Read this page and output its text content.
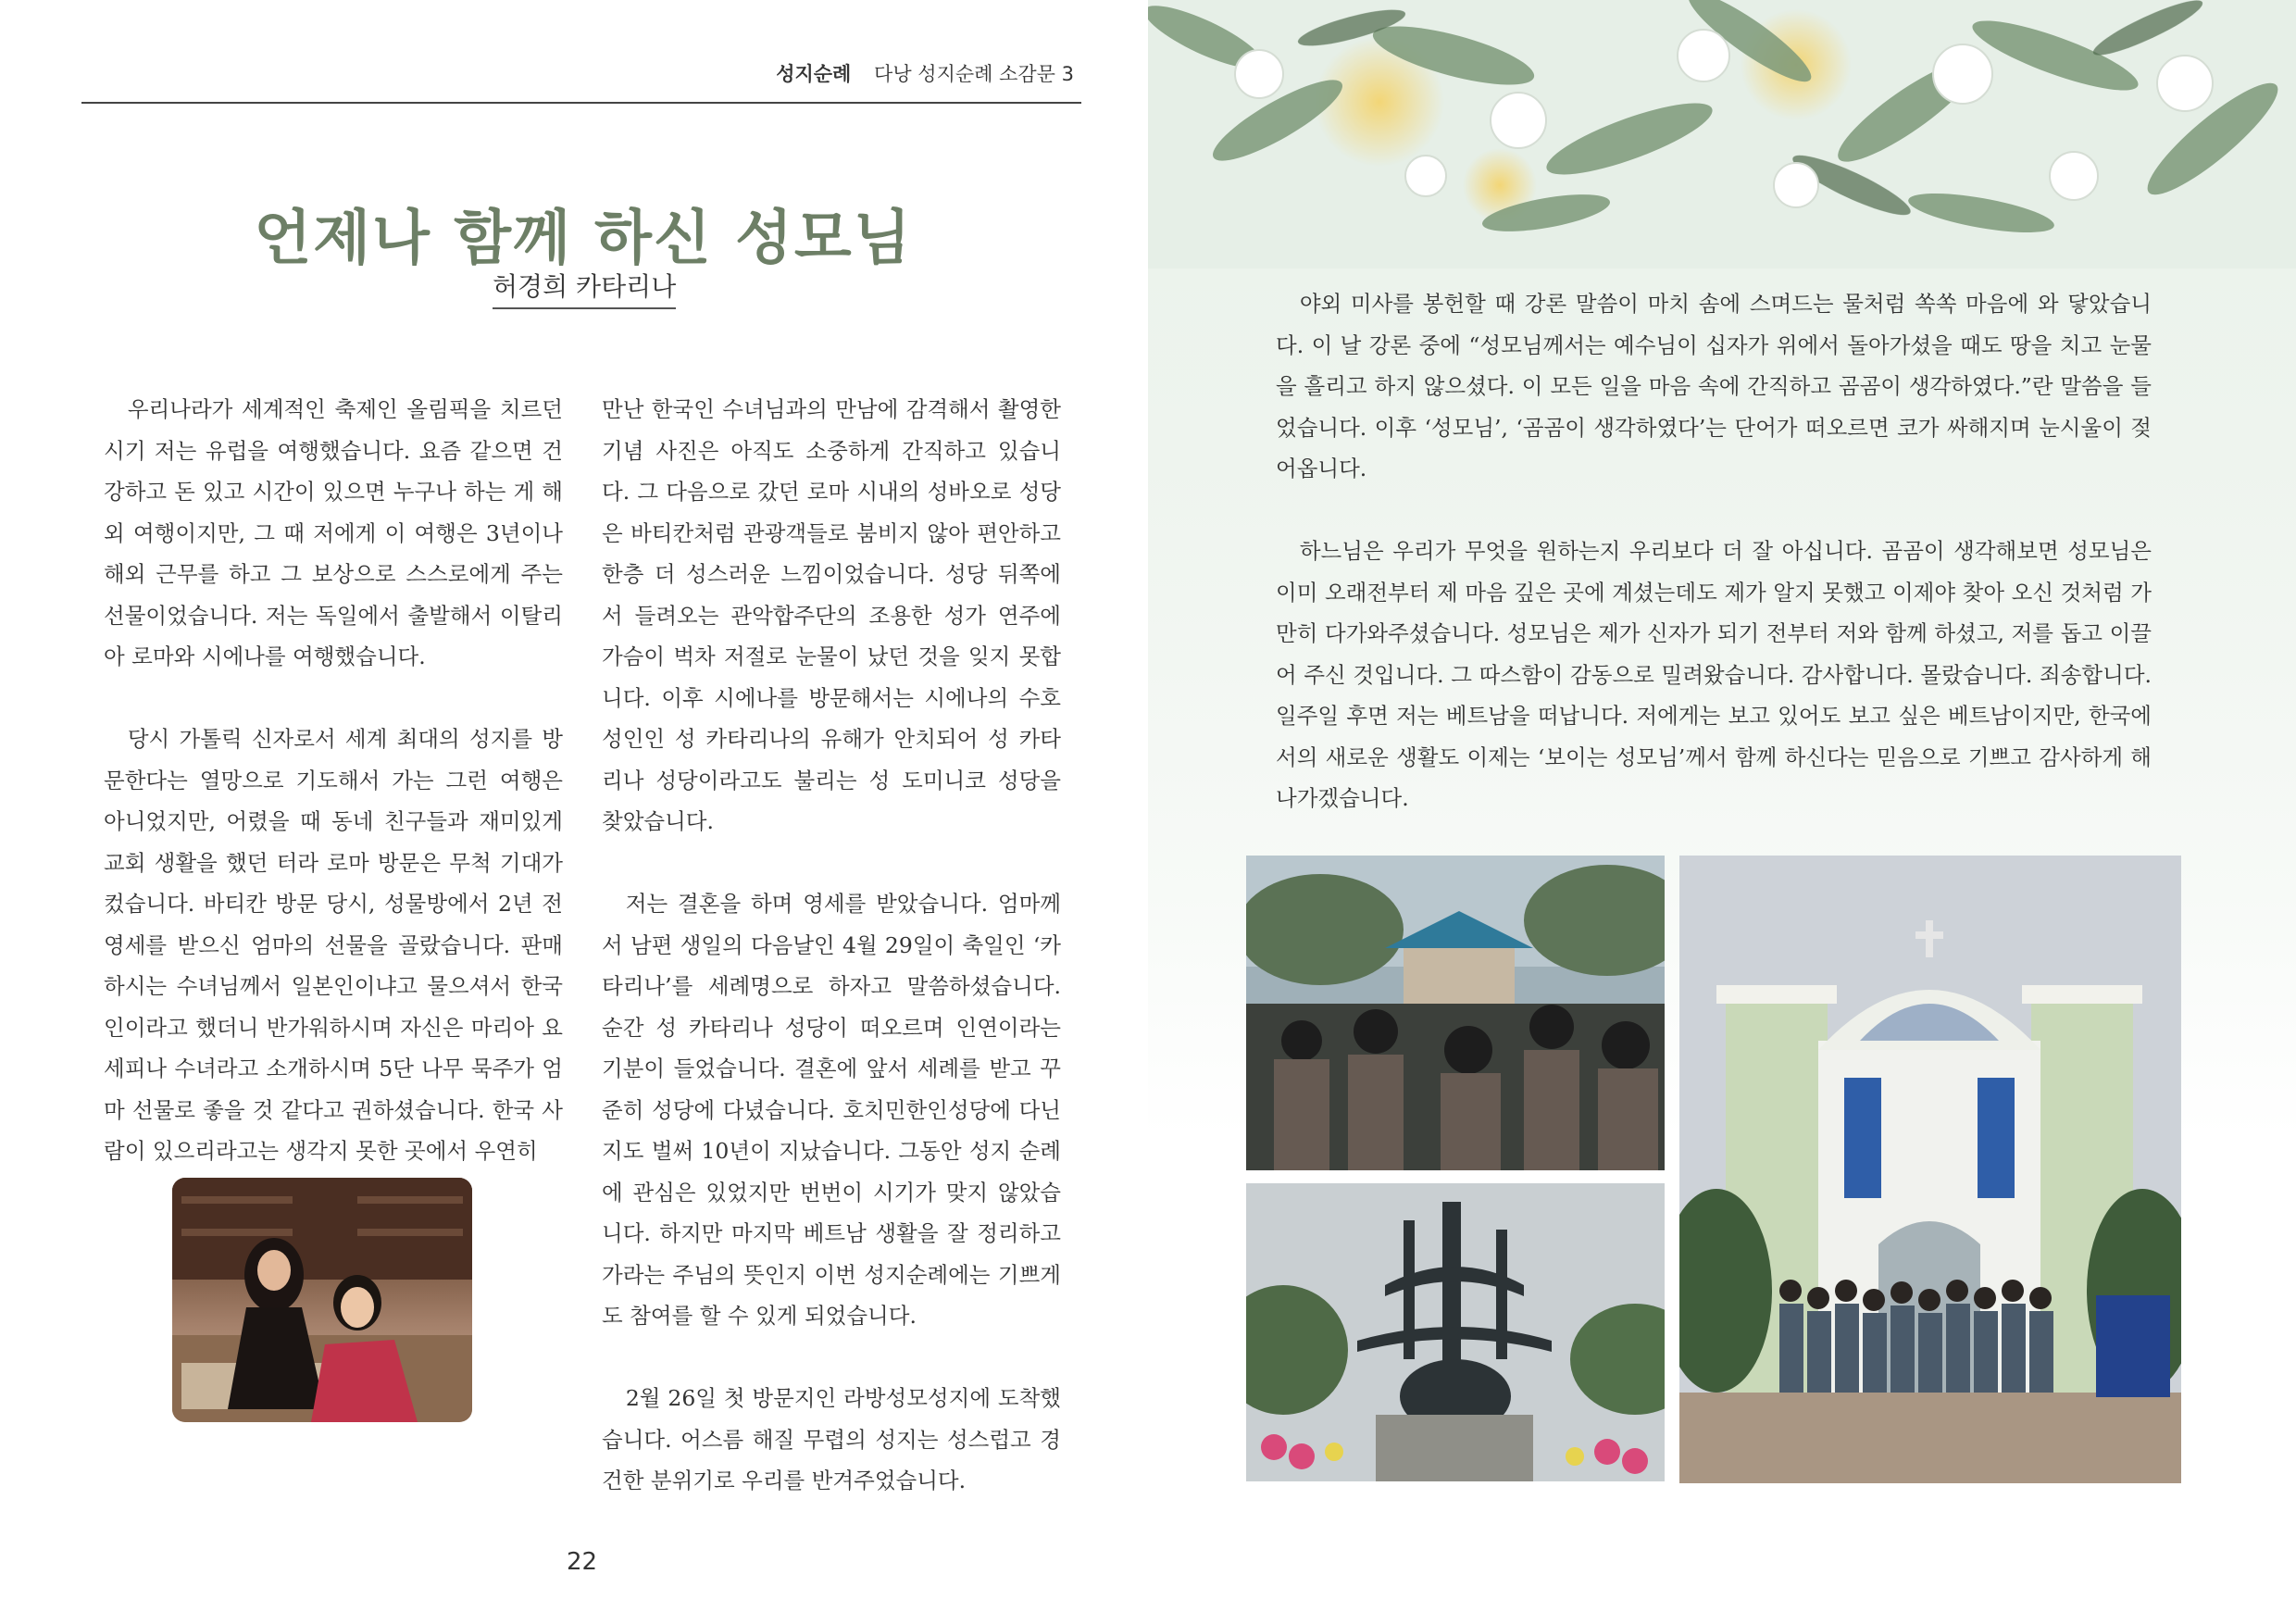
성지순례 다낭 성지순례 소감문 3
언제나 함께 하신 성모님
허경희 카타리나

우리나라가 세계적인 축제인 올림픽을 치르던 시기 저는 유럽을 여행했습니다. 요즘 같으면 건강하고 돈 있고 시간이 있으면 누구나 하는 게 해외 여행이지만, 그 때 저에게 이 여행은 3년이나 해외 근무를 하고 그 보상으로 스스로에게 주는 선물이었습니다. 저는 독일에서 출발해서 이탈리아 로마와 시에나를 여행했습니다.

당시 가톨릭 신자로서 세계 최대의 성지를 방문한다는 열망으로 기도해서 가는 그런 여행은 아니었지만, 어렸을 때 동네 친구들과 재미있게 교회 생활을 했던 터라 로마 방문은 무척 기대가 컸습니다. 바티칸 방문 당시, 성물방에서 2년 전 영세를 받으신 엄마의 선물을 골랐습니다. 판매하시는 수녀님께서 일본인이냐고 물으셔서 한국인이라고 했더니 반가워하시며 자신은 마리아 요세피나 수녀라고 소개하시며 5단 나무 묵주가 엄마 선물로 좋을 것 같다고 권하셨습니다. 한국 사람이 있으리라고는 생각지 못한 곳에서 우연히

만난 한국인 수녀님과의 만남에 감격해서 촬영한 기념 사진은 아직도 소중하게 간직하고 있습니다. 그 다음으로 갔던 로마 시내의 성바오로 성당은 바티칸처럼 관광객들로 붐비지 않아 편안하고 한층 더 성스러운 느낌이었습니다. 성당 뒤쪽에서 들려오는 관악합주단의 조용한 성가 연주에 가슴이 벅차 저절로 눈물이 났던 것을 잊지 못합니다. 이후 시에나를 방문해서는 시에나의 수호 성인인 성 카타리나의 유해가 안치되어 성 카타리나 성당이라고도 불리는 성 도미니코 성당을 찾았습니다.

저는 결혼을 하며 영세를 받았습니다. 엄마께서 남편 생일의 다음날인 4월 29일이 축일인 ‘카타리나’를 세례명으로 하자고 말씀하셨습니다. 순간 성 카타리나 성당이 떠오르며 인연이라는 기분이 들었습니다. 결혼에 앞서 세례를 받고 꾸준히 성당에 다녔습니다. 호치민한인성당에 다닌지도 벌써 10년이 지났습니다. 그동안 성지 순례에 관심은 있었지만 번번이 시기가 맞지 않았습니다. 하지만 마지막 베트남 생활을 잘 정리하고 가라는 주님의 뜻인지 이번 성지순례에는 기쁘게도 참여를 할 수 있게 되었습니다.

2월 26일 첫 방문지인 라방성모성지에 도착했습니다. 어스름 해질 무렵의 성지는 성스럽고 경건한 분위기로 우리를 반겨주었습니다.

22

야외 미사를 봉헌할 때 강론 말씀이 마치 솜에 스며드는 물처럼 쏙쏙 마음에 와 닿았습니다. 이 날 강론 중에 “성모님께서는 예수님이 십자가 위에서 돌아가셨을 때도 땅을 치고 눈물을 흘리고 하지 않으셨다. 이 모든 일을 마음 속에 간직하고 곰곰이 생각하였다.”란 말씀을 들었습니다. 이후 ‘성모님’, ‘곰곰이 생각하였다’는 단어가 떠오르면 코가 싸해지며 눈시울이 젖어옵니다.

하느님은 우리가 무엇을 원하는지 우리보다 더 잘 아십니다. 곰곰이 생각해보면 성모님은 이미 오래전부터 제 마음 깊은 곳에 계셨는데도 제가 알지 못했고 이제야 찾아 오신 것처럼 가만히 다가와주셨습니다. 성모님은 제가 신자가 되기 전부터 저와 함께 하셨고, 저를 돕고 이끌어 주신 것입니다. 그 따스함이 감동으로 밀려왔습니다. 감사합니다. 몰랐습니다. 죄송합니다. 일주일 후면 저는 베트남을 떠납니다. 저에게는 보고 있어도 보고 싶은 베트남이지만, 한국에서의 새로운 생활도 이제는 ‘보이는 성모님’께서 함께 하신다는 믿음으로 기쁘고 감사하게 해나가겠습니다.
